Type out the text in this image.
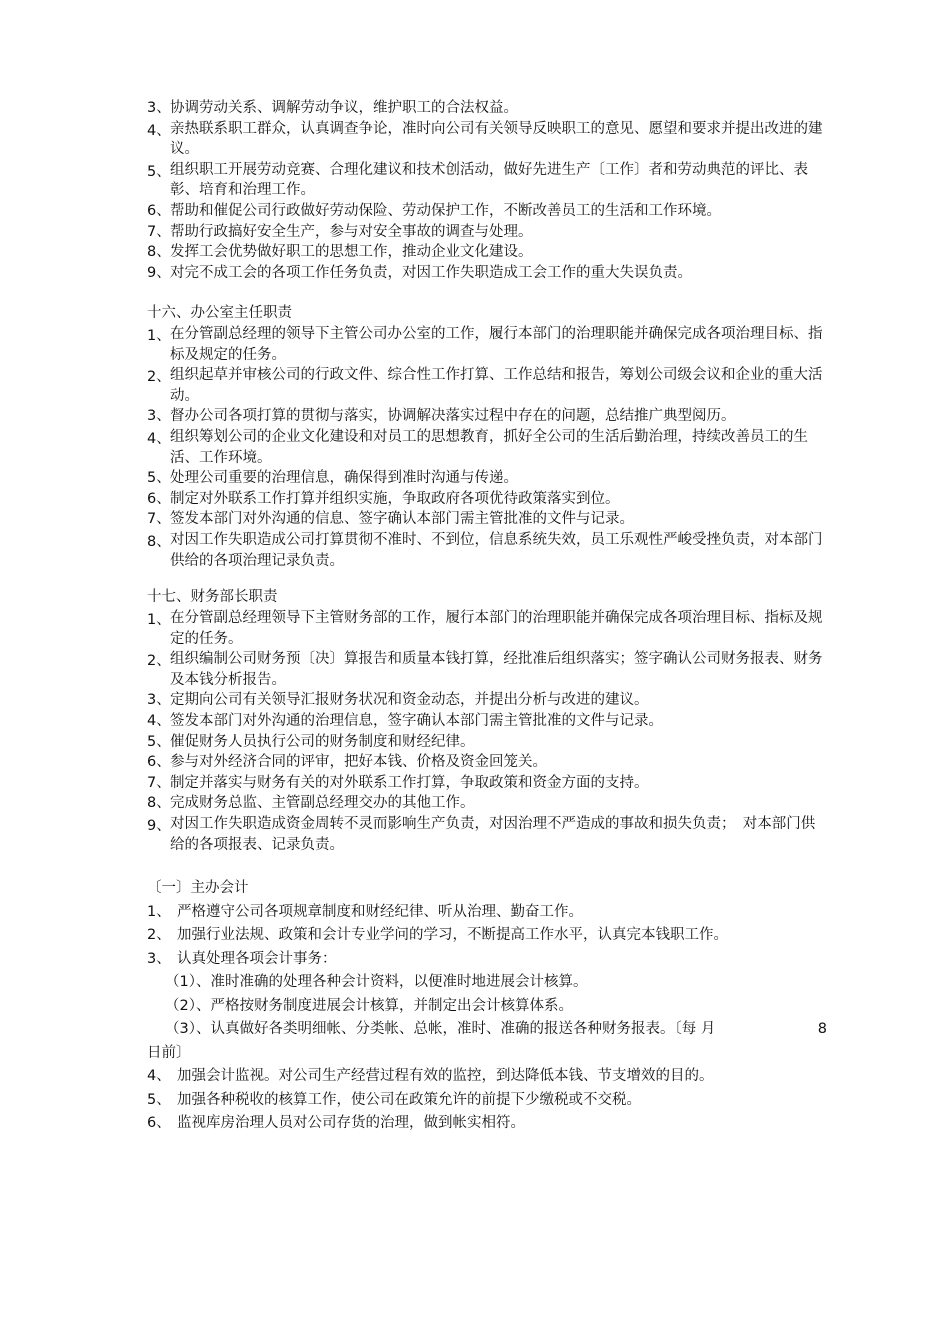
3、 协调劳动关系、调解劳动争议，维护职工的合法权益。
4、 亲热联系职工群众，认真调查争论，准时向公司有关领导反映职工的意见、愿望和要求并提出改进的建议。
5、 组织职工开展劳动竞赛、合理化建议和技术创活动，做好先进生产〔工作〕者和劳动典范的评比、表彰、培育和治理工作。
6、 帮助和催促公司行政做好劳动保险、劳动保护工作，不断改善员工的生活和工作环境。
7、 帮助行政搞好安全生产，参与对安全事故的调查与处理。
8、 发挥工会优势做好职工的思想工作，推动企业文化建设。
9、 对完不成工会的各项工作任务负责，对因工作失职造成工会工作的重大失误负责。
十六、办公室主任职责
1、 在分管副总经理的领导下主管公司办公室的工作，履行本部门的治理职能并确保完成各项治理目标、指标及规定的任务。
2、 组织起草并审核公司的行政文件、综合性工作打算、工作总结和报告，筹划公司级会议和企业的重大活动。
3、 督办公司各项打算的贯彻与落实，协调解决落实过程中存在的问题，总结推广典型阅历。
4、 组织筹划公司的企业文化建设和对员工的思想教育，抓好全公司的生活后勤治理，持续改善员工的生活、工作环境。
5、 处理公司重要的治理信息，确保得到准时沟通与传递。
6、 制定对外联系工作打算并组织实施，争取政府各项优待政策落实到位。
7、 签发本部门对外沟通的信息、签字确认本部门需主管批准的文件与记录。
8、 对因工作失职造成公司打算贯彻不准时、不到位，信息系统失效，员工乐观性严峻受挫负责，对本部门供给的各项治理记录负责。
十七、财务部长职责
1、 在分管副总经理领导下主管财务部的工作，履行本部门的治理职能并确保完成各项治理目标、指标及规定的任务。
2、 组织编制公司财务预〔决〕算报告和质量本钱打算，经批准后组织落实；签字确认公司财务报表、财务及本钱分析报告。
3、 定期向公司有关领导汇报财务状况和资金动态，并提出分析与改进的建议。
4、 签发本部门对外沟通的治理信息，签字确认本部门需主管批准的文件与记录。
5、 催促财务人员执行公司的财务制度和财经纪律。
6、 参与对外经济合同的评审，把好本钱、价格及资金回笼关。
7、 制定并落实与财务有关的对外联系工作打算，争取政策和资金方面的支持。
8、 完成财务总监、主管副总经理交办的其他工作。
9、 对因工作失职造成资金周转不灵而影响生产负责，对因治理不严造成的事故和损失负责；　对本部门供给的各项报表、记录负责。
〔一〕主办会计
1、 严格遵守公司各项规章制度和财经纪律、听从治理、勤奋工作。
2、 加强行业法规、政策和会计专业学问的学习，不断提高工作水平，认真完本钱职工作。
3、 认真处理各项会计事务：
（1）、准时准确的处理各种会计资料，以便准时地进展会计核算。
（2）、严格按财务制度进展会计核算，并制定出会计核算体系。
（3）、认真做好各类明细帐、分类帐、总帐，准时、准确的报送各种财务报表。〔每 月	8
日前〕
4、 加强会计监视。对公司生产经营过程有效的监控，到达降低本钱、节支增效的目的。
5、 加强各种税收的核算工作，使公司在政策允许的前提下少缴税或不交税。
6、 监视库房治理人员对公司存货的治理，做到帐实相符。
